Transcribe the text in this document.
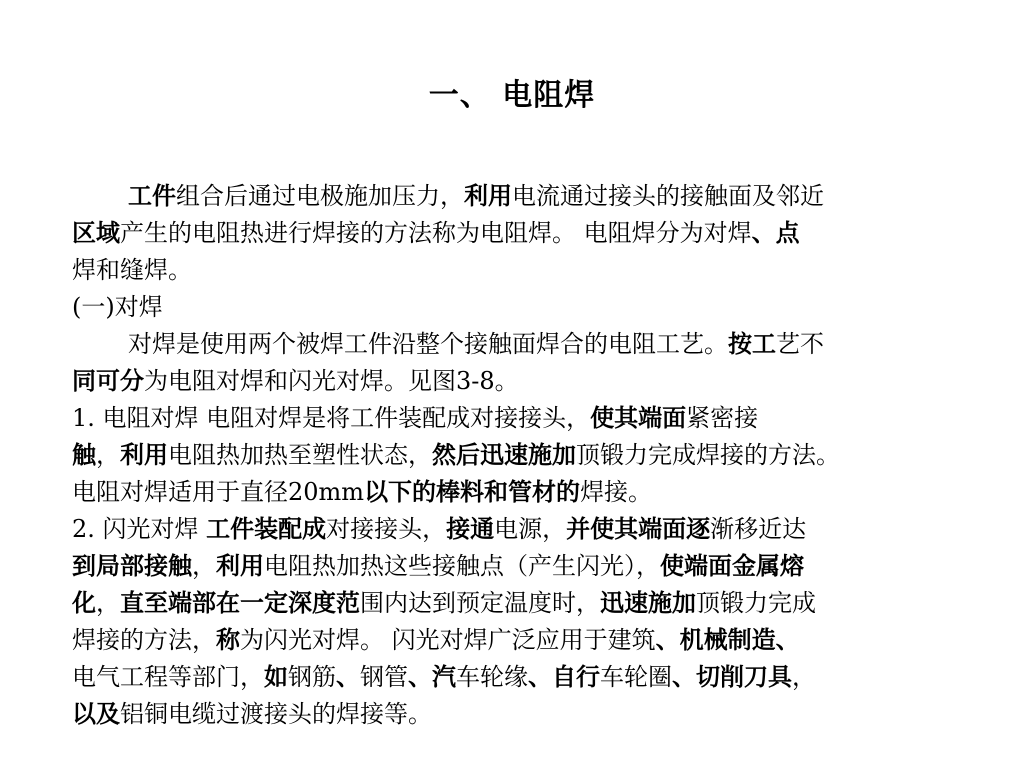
一、 电阻焊
工件组合后通过电极施加压力，利用电流通过接头的接触面及邻近
区域产生的电阻热进行焊接的方法称为电阻焊。 电阻焊分为对焊、点
焊和缝焊。
(一)对焊
对焊是使用两个被焊工件沿整个接触面焊合的电阻工艺。按工艺不
同可分为电阻对焊和闪光对焊。见图3-8。
1. 电阻对焊 电阻对焊是将工件装配成对接接头，使其端面紧密接
触，利用电阻热加热至塑性状态，然后迅速施加顶锻力完成焊接的方法。
电阻对焊适用于直径20mm以下的棒料和管材的焊接。
2. 闪光对焊 工件装配成对接接头，接通电源，并使其端面逐渐移近达
到局部接触，利用电阻热加热这些接触点（产生闪光），使端面金属熔
化，直至端部在一定深度范围内达到预定温度时，迅速施加顶锻力完成
焊接的方法，称为闪光对焊。 闪光对焊广泛应用于建筑、机械制造、
电气工程等部门，如钢筋、钢管、汽车轮缘、自行车轮圈、切削刀具，
以及铝铜电缆过渡接头的焊接等。
